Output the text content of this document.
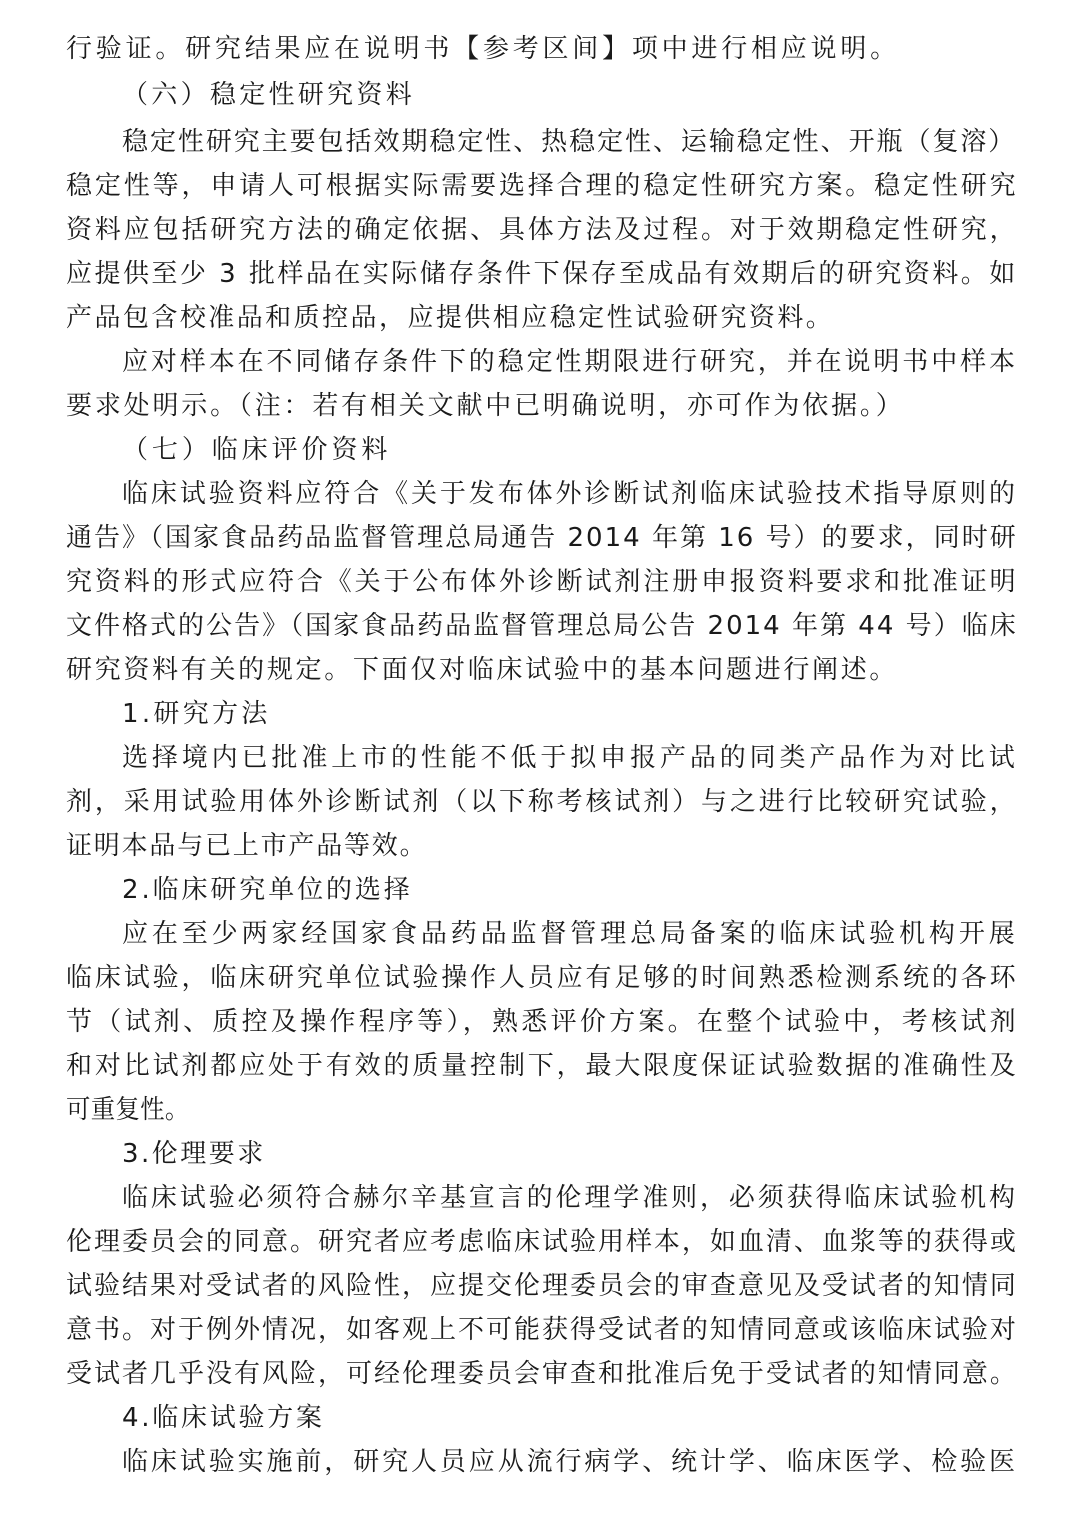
行验证。研究结果应在说明书【参考区间】项中进行相应说明。
（六）稳定性研究资料
稳定性研究主要包括效期稳定性、热稳定性、运输稳定性、开瓶（复溶）
稳定性等，申请人可根据实际需要选择合理的稳定性研究方案。稳定性研究
资料应包括研究方法的确定依据、具体方法及过程。对于效期稳定性研究，
应提供至少 3 批样品在实际储存条件下保存至成品有效期后的研究资料。如
产品包含校准品和质控品，应提供相应稳定性试验研究资料。
应对样本在不同储存条件下的稳定性期限进行研究，并在说明书中样本
要求处明示。（注：若有相关文献中已明确说明，亦可作为依据。）
（七）临床评价资料
临床试验资料应符合《关于发布体外诊断试剂临床试验技术指导原则的
通告》（国家食品药品监督管理总局通告 2014 年第 16 号）的要求，同时研
究资料的形式应符合《关于公布体外诊断试剂注册申报资料要求和批准证明
文件格式的公告》（国家食品药品监督管理总局公告 2014 年第 44 号）临床
研究资料有关的规定。下面仅对临床试验中的基本问题进行阐述。
1.研究方法
选择境内已批准上市的性能不低于拟申报产品的同类产品作为对比试
剂，采用试验用体外诊断试剂（以下称考核试剂）与之进行比较研究试验，
证明本品与已上市产品等效。
2.临床研究单位的选择
应在至少两家经国家食品药品监督管理总局备案的临床试验机构开展
临床试验，临床研究单位试验操作人员应有足够的时间熟悉检测系统的各环
节（试剂、质控及操作程序等），熟悉评价方案。在整个试验中，考核试剂
和对比试剂都应处于有效的质量控制下，最大限度保证试验数据的准确性及
可重复性。
3.伦理要求
临床试验必须符合赫尔辛基宣言的伦理学准则，必须获得临床试验机构
伦理委员会的同意。研究者应考虑临床试验用样本，如血清、血浆等的获得或
试验结果对受试者的风险性，应提交伦理委员会的审查意见及受试者的知情同
意书。对于例外情况，如客观上不可能获得受试者的知情同意或该临床试验对
受试者几乎没有风险，可经伦理委员会审查和批准后免于受试者的知情同意。
4.临床试验方案
临床试验实施前，研究人员应从流行病学、统计学、临床医学、检验医
